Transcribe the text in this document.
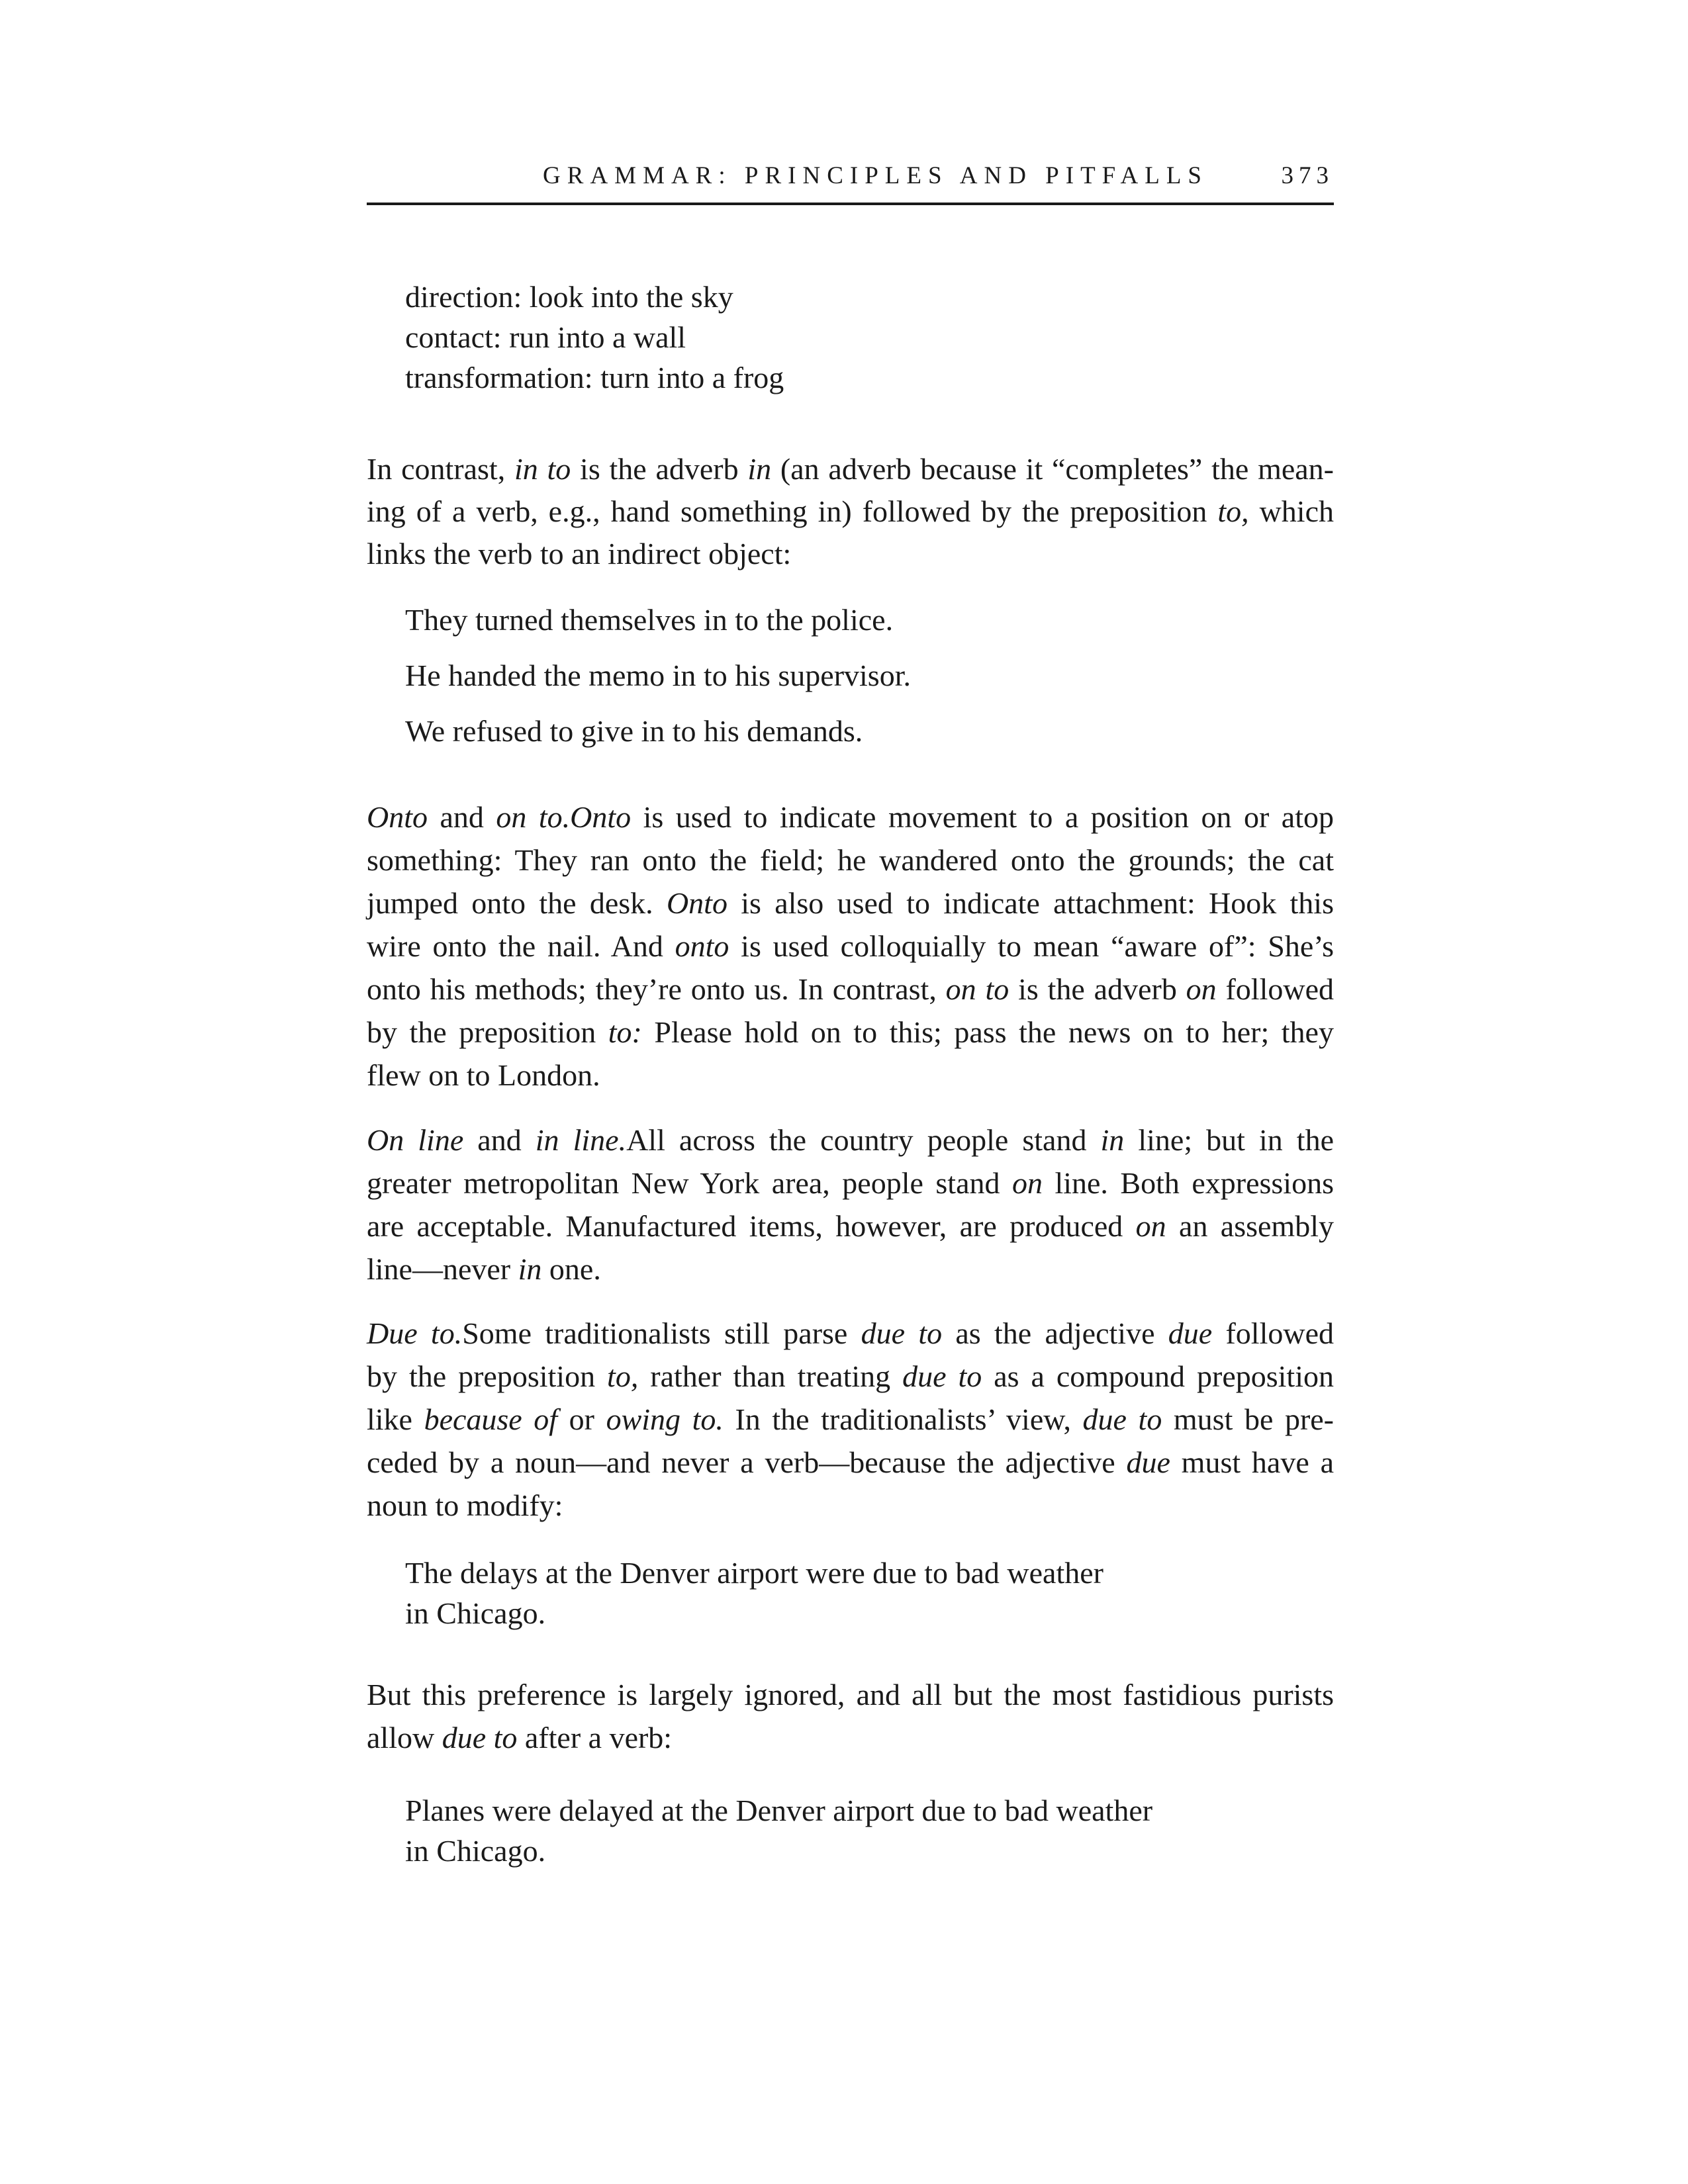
GRAMMAR: PRINCIPLES AND PITFALLS	373
direction: look into the sky
contact: run into a wall
transformation: turn into a frog
In contrast, in to is the adverb in (an adverb because it “completes” the mean-
ing of a verb, e.g., hand something in) followed by the preposition to, which
links the verb to an indirect object:
They turned themselves in to the police.
He handed the memo in to his supervisor.
We refused to give in to his demands.
Onto and on to.Onto is used to indicate movement to a position on or atop
something: They ran onto the field; he wandered onto the grounds; the cat
jumped onto the desk. Onto is also used to indicate attachment: Hook this
wire onto the nail. And onto is used colloquially to mean “aware of”: She’s
onto his methods; they’re onto us. In contrast, on to is the adverb on followed
by the preposition to: Please hold on to this; pass the news on to her; they
flew on to London.
On line and in line.All across the country people stand in line; but in the
greater metropolitan New York area, people stand on line. Both expressions
are acceptable. Manufactured items, however, are produced on an assembly
line—never in one.
Due to.Some traditionalists still parse due to as the adjective due followed
by the preposition to, rather than treating due to as a compound preposition
like because of or owing to. In the traditionalists’ view, due to must be pre-
ceded by a noun—and never a verb—because the adjective due must have a
noun to modify:
The delays at the Denver airport were due to bad weather
in Chicago.
But this preference is largely ignored, and all but the most fastidious purists
allow due to after a verb:
Planes were delayed at the Denver airport due to bad weather
in Chicago.
